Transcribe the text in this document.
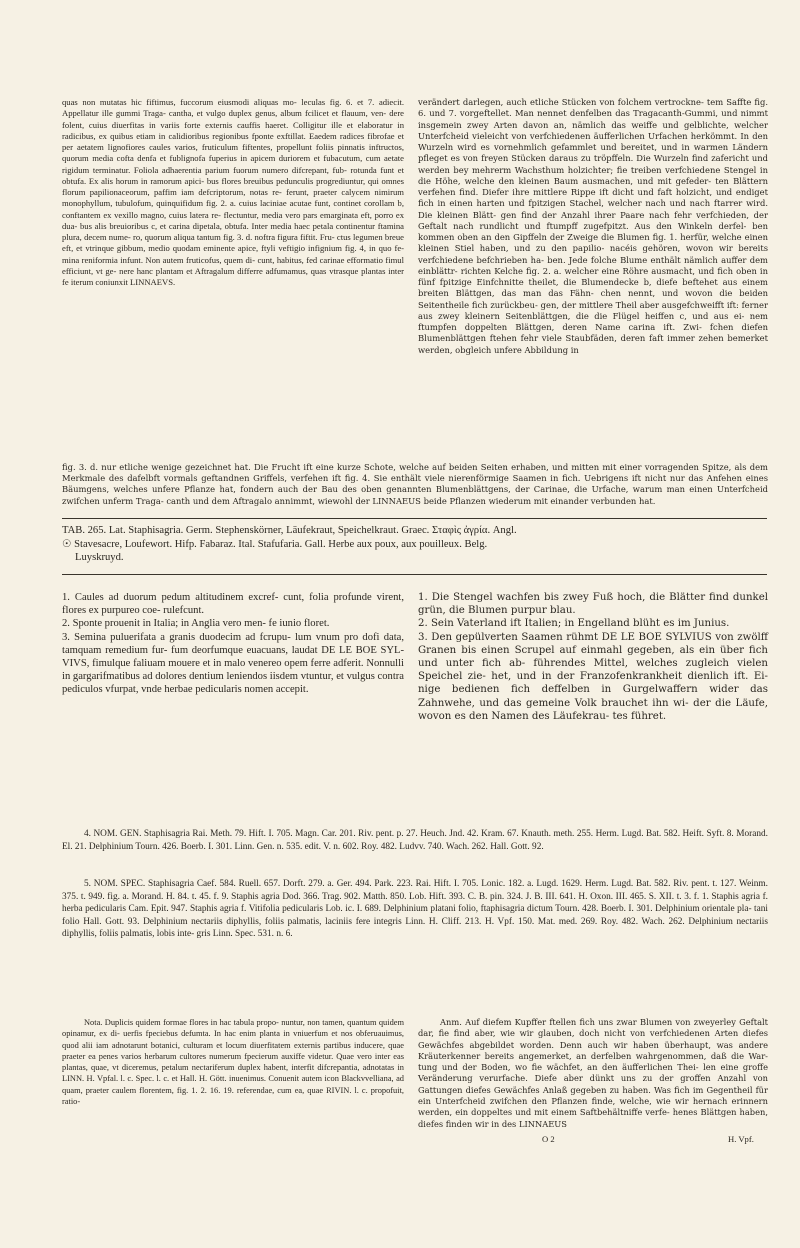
quas non mutatas hic fiftimus, fuccorum eiusmodi aliquas mo- leculas fig. 6. et 7. adiecit. Appellatur ille gummi Traga- cantha, et vulgo duplex genus, album fcilicet et flauum, ven- dere folent, cuius diuerfitas in variis forte externis cauffis haeret. Colligitur ille et elaboratur in radicibus, ex quibus etiam in calidioribus regionibus fponte exftillat. Eaedem radices fibrofae et per aetatem lignofiores caules varios, fruticulum fiftentes, propellunt foliis pinnatis inftructos, quorum media cofta denfa et fublignofa fuperius in apicem duriorem et fubacutum, cum aetate rigidum terminatur. Foliola adhaerentia parium fuorum numero difcrepant, fub- rotunda funt et obtufa. Ex alis horum in ramorum apici- bus flores breuibus pedunculis progrediuntur, qui omnes florum papilionaceorum, paffim iam defcriptorum, notas re- ferunt, praeter calycem nimirum monophyllum, tubulofum, quinquifidum fig. 2. a. cuius laciniae acutae funt, continet corollam b, conftantem ex vexillo magno, cuius latera re- flectuntur, media vero pars emarginata eft, porro ex dua- bus alis breuioribus c, et carina dipetala, obtufa. Inter media haec petala continentur ftamina plura, decem nume- ro, quorum aliqua tantum fig. 3. d. noftra figura fiftit. Fru- ctus legumen breue eft, et vtrinque gibbum, medio quodam eminente apice, ftyli veftigio infignium fig. 4, in quo fe- mina reniformia infunt. Non autem fruticofus, quem di- cunt, habitus, fed carinae efformatio fimul efficiunt, vt ge- nere hanc plantam et Aftragalum differre adfumamus, quas vtrasque plantas inter fe iterum coniunxit LINNAEVS.

verändert darlegen, auch etliche Stücken von folchem vertrockne- tem Saffte fig. 6. und 7. vorgeftellet. Man nennet denfelben das Tragacanth-Gummi, und nimmt insgemein zwey Arten davon an, nämlich das weiffe und gelblichte, welcher Unterfcheid vieleicht von verfchiedenen äufferlichen Urfachen herkömmt. In den Wurzeln wird es vornehmlich gefammlet und bereitet, und in warmen Ländern pfleget es von freyen Stücken daraus zu tröpffeln. Die Wurzeln find zafericht und werden bey mehrerm Wachsthum holzichter; fie treiben verfchiedene Stengel in die Höhe, welche den kleinen Baum ausmachen, und mit gefeder- ten Blättern verfehen find. Diefer ihre mittlere Rippe ift dicht und faft holzicht, und endiget fich in einen harten und fpitzigen Stachel, welcher nach und nach ftarrer wird. Die kleinen Blätt- gen find der Anzahl ihrer Paare nach fehr verfchieden, der Geftalt nach rundlicht und ftumpff zugefpitzt. Aus den Winkeln derfel- ben kommen oben an den Gipffeln der Zweige die Blumen fig. 1. herfür, welche einen kleinen Stiel haben, und zu den papilio- nacéis gehören, wovon wir bereits verfchiedene befchrieben ha- ben. Jede folche Blume enthält nämlich auffer dem einblättr- richten Kelche fig. 2. a. welcher eine Röhre ausmacht, und fich oben in fünf fpitzige Einfchnitte theilet, die Blumendecke b, diefe beftehet aus einem breiten Blättgen, das man das Fähn- chen nennt, und wovon die beiden Seitentheile fich zurückbeu- gen, der mittlere Theil aber ausgefchweifft ift: ferner aus zwey kleinern Seitenblättgen, die die Flügel heiffen c, und aus ei- nem ftumpfen doppelten Blättgen, deren Name carina ift. Zwi- fchen diefen Blumenblättgen ftehen fehr viele Staubfäden, deren faft immer zehen bemerket werden, obgleich unfere Abbildung in

fig. 3. d. nur etliche wenige gezeichnet hat. Die Frucht ift eine kurze Schote, welche auf beiden Seiten erhaben, und mitten mit einer vorragenden Spitze, als dem Merkmale des dafelbft vormals geftandnen Griffels, verfehen ift fig. 4. Sie enthält viele nierenförmige Saamen in fich. Uebrigens ift nicht nur das Anfehen eines Bäumgens, welches unfere Pflanze hat, fondern auch der Bau des oben genannten Blumenblättgens, der Carinae, die Urfache, warum man einen Unterfcheid zwifchen unferm Traga- canth und dem Aftragalo annimmt, wiewohl der LINNAEUS beide Pflanzen wiederum mit einander verbunden hat.

TAB. 265. Lat. Staphisagria. Germ. Stephenskörner, Läufekraut, Speichelkraut. Graec. Σταφὶς ἀγρία. Angl.
☉ Stavesacre, Loufewort. Hifp. Fabaraz. Ital. Stafufaria. Gall. Herbe aux poux, aux pouilleux. Belg.
Luyskruyd.

1. Caules ad duorum pedum altitudinem excref- cunt, folia profunde virent, flores ex purpureo coe- rulefcunt.
2. Sponte prouenit in Italia; in Anglia vero men- fe iunio floret.
3. Semina puluerifata a granis duodecim ad fcrupu- lum vnum pro dofi data, tamquam remedium fur- fum deorfumque euacuans, laudat DE LE BOE SYL- VIVS, fimulque faliuam mouere et in malo venereo opem ferre adferit. Nonnulli in gargarifmatibus ad dolores dentium leniendos iisdem vtuntur, et vulgus contra pediculos vfurpat, vnde herbae pedicularis nomen accepit.

1. Die Stengel wachfen bis zwey Fuß hoch, die Blätter find dunkel grün, die Blumen purpur blau.
2. Sein Vaterland ift Italien; in Engelland blüht es im Junius.
3. Den gepülverten Saamen rühmt DE LE BOE SYLVIUS von zwölff Granen bis einen Scrupel auf einmahl gegeben, als ein über fich und unter fich ab- führendes Mittel, welches zugleich vielen Speichel zie- het, und in der Franzofenkrankheit dienlich ift. Ei- nige bedienen fich deffelben in Gurgelwaffern wider das Zahnwehe, und das gemeine Volk brauchet ihn wi- der die Läufe, wovon es den Namen des Läufekrau- tes führet.

4. NOM. GEN. Staphisagria Rai. Meth. 79. Hift. I. 705. Magn. Car. 201. Riv. pent. p. 27. Heuch. Jnd. 42. Kram. 67. Knauth. meth. 255. Herm. Lugd. Bat. 582. Heift. Syft. 8. Morand. El. 21. Delphinium Tourn. 426. Boerb. I. 301. Linn. Gen. n. 535. edit. V. n. 602. Roy. 482. Ludvv. 740. Wach. 262. Hall. Gott. 92.

5. NOM. SPEC. Staphisagria Caef. 584. Ruell. 657. Dorft. 279. a. Ger. 494. Park. 223. Rai. Hift. I. 705. Lonic. 182. a. Lugd. 1629. Herm. Lugd. Bat. 582. Riv. pent. t. 127. Weinm. 375. t. 949. fig. a. Morand. H. 84. t. 45. f. 9. Staphis agria Dod. 366. Trag. 902. Matth. 850. Lob. Hift. 393. C. B. pin. 324. J. B. III. 641. H. Oxon. III. 465. S. XII. t. 3. f. 1. Staphis agria f. herba pedicularis Cam. Epit. 947. Staphis agria f. Vitifolia pedicularis Lob. ic. I. 689. Delphinium platani folio, ftaphisagria dictum Tourn. 428. Boerb. I. 301. Delphinium orientale pla- tani folio Hall. Gott. 93. Delphinium nectariis diphyllis, foliis palmatis, laciniis fere integris Linn. H. Cliff. 213. H. Vpf. 150. Mat. med. 269. Roy. 482. Wach. 262. Delphinium nectariis diphyllis, foliis palmatis, lobis inte- gris Linn. Spec. 531. n. 6.

Nota. Duplicis quidem formae flores in hac tabula propo- nuntur, non tamen, quantum quidem opinamur, ex di- uerfis fpeciebus defumta. In hac enim planta in vniuerfum et nos obferuauimus, quod alii iam adnotarunt botanici, culturam et locum diuerfitatem externis partibus inducere, quae praeter ea penes varios herbarum cultores numerum fpecierum auxiffe videtur. Quae vero inter eas plantas, quae, vt diceremus, petalum nectariferum duplex habent, interfit difcrepantia, adnotatas in LINN. H. Vpfal. l. c. Spec. l. c. et Hall. H. Gött. inuenimus. Conuenit autem icon Blackvvelliana, ad quam, praeter caulem florentem, fig. 1. 2. 16. 19. referendae, cum ea, quae RIVIN. l. c. propofuit, ratio-

Anm. Auf diefem Kupffer ftellen fich uns zwar Blumen von zweyerley Geftalt dar, fie find aber, wie wir glauben, doch nicht von verfchiedenen Arten diefes Gewächfes abgebildet worden. Denn auch wir haben überhaupt, was andere Kräuterkenner bereits angemerket, an derfelben wahrgenommen, daß die War- tung und der Boden, wo fie wächfet, an den äufferlichen Thei- len eine groffe Veränderung verurfache. Diefe aber dünkt uns zu der groffen Anzahl von Gattungen diefes Gewächfes Anlaß gegeben zu haben. Was fich im Gegentheil für ein Unterfcheid zwifchen den Pflanzen finde, welche, wie wir hernach erinnern werden, ein doppeltes und mit einem Saftbehältniffe verfe- henes Blättgen haben, diefes finden wir in des LINNAEUS

O 2	H. Vpf.
